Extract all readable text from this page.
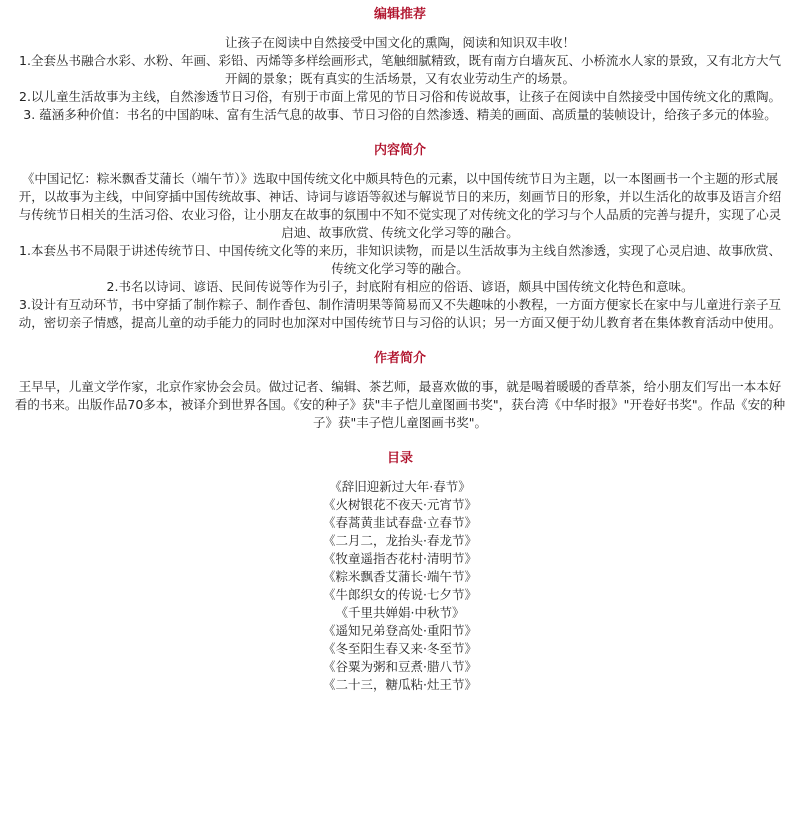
编辑推荐

让孩子在阅读中自然接受中国文化的熏陶，阅读和知识双丰收！

1.全套丛书融合水彩、水粉、年画、彩铅、丙烯等多样绘画形式，笔触细腻精致，既有南方白墙灰瓦、小桥流水人家的景致，又有北方大气开阔的景象；既有真实的生活场景，又有农业劳动生产的场景。

2.以儿童生活故事为主线，自然渗透节日习俗，有别于市面上常见的节日习俗和传说故事，让孩子在阅读中自然接受中国传统文化的熏陶。

3. 蕴涵多种价值：书名的中国韵味、富有生活气息的故事、节日习俗的自然渗透、精美的画面、高质量的装帧设计，给孩子多元的体验。

内容简介

《中国记忆：粽米飘香艾蒲长（端午节）》选取中国传统文化中颇具特色的元素，以中国传统节日为主题，以一本图画书一个主题的形式展开，以故事为主线，中间穿插中国传统故事、神话、诗词与谚语等叙述与解说节日的来历，刻画节日的形象，并以生活化的故事及语言介绍与传统节日相关的生活习俗、农业习俗，让小朋友在故事的氛围中不知不觉实现了对传统文化的学习与个人品质的完善与提升，实现了心灵启迪、故事欣赏、传统文化学习等的融合。

1.本套丛书不局限于讲述传统节日、中国传统文化等的来历，非知识读物，而是以生活故事为主线自然渗透，实现了心灵启迪、故事欣赏、传统文化学习等的融合。

2.书名以诗词、谚语、民间传说等作为引子，封底附有相应的俗语、谚语，颇具中国传统文化特色和意味。

3.设计有互动环节，书中穿插了制作粽子、制作香包、制作清明果等简易而又不失趣味的小教程，一方面方便家长在家中与儿童进行亲子互动，密切亲子情感，提高儿童的动手能力的同时也加深对中国传统节日与习俗的认识；另一方面又便于幼儿教育者在集体教育活动中使用。

作者简介

王早早，儿童文学作家，北京作家协会会员。做过记者、编辑、茶艺师，最喜欢做的事，就是喝着暖暖的香草茶，给小朋友们写出一本本好看的书来。出版作品70多本，被译介到世界各国。《安的种子》获"丰子恺儿童图画书奖"，获台湾《中华时报》"开卷好书奖"。作品《安的种子》获"丰子恺儿童图画书奖"。

目录
《辞旧迎新过大年·春节》
《火树银花不夜天·元宵节》
《春蒿黄韭试春盘·立春节》
《二月二，龙抬头·春龙节》
《牧童遥指杏花村·清明节》
《粽米飘香艾蒲长·端午节》
《牛郎织女的传说·七夕节》
《千里共婵娟·中秋节》
《遥知兄弟登高处·重阳节》
《冬至阳生春又来·冬至节》
《谷粟为粥和豆煮·腊八节》
《二十三，糖瓜粘·灶王节》
